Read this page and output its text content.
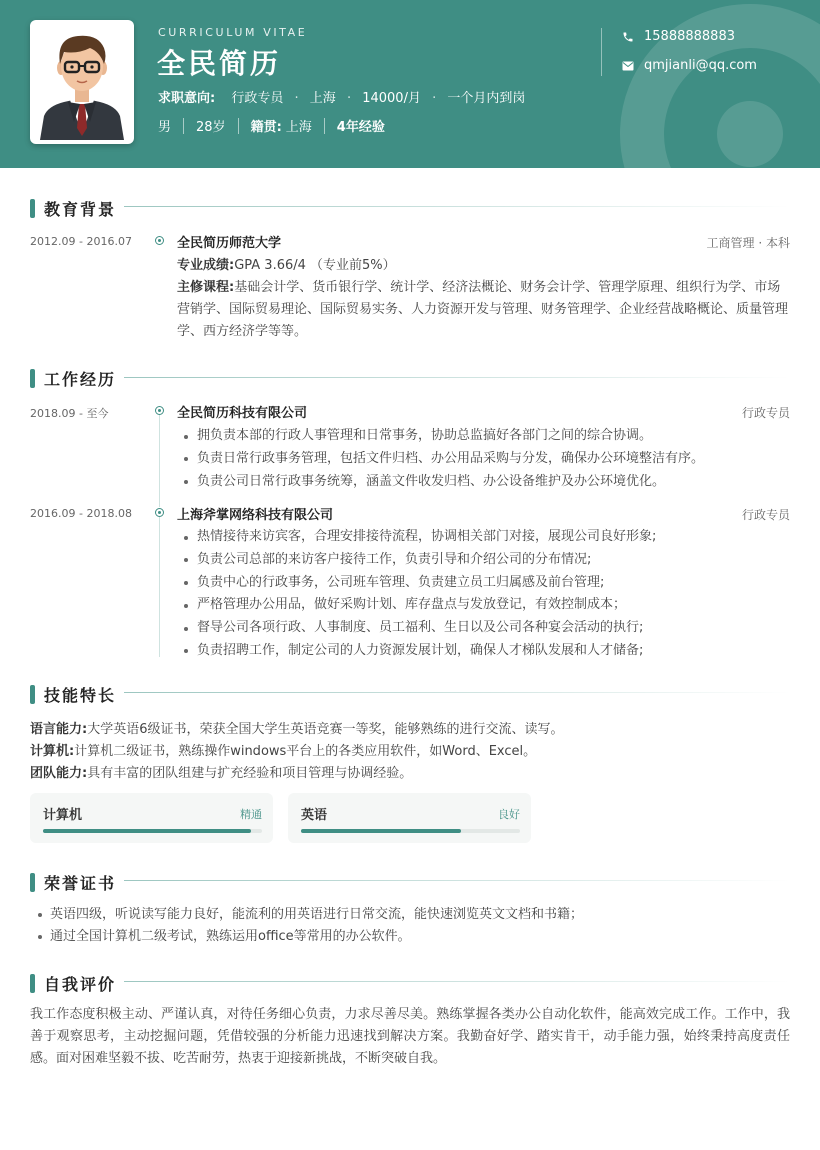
CURRICULUM VITAE
全民简历
求职意向: 行政专员 · 上海 · 14000/月 · 一个月内到岗
男 28岁 籍贯: 上海 4年经验
15888888883
qmjianli@qq.com
教育背景
2012.09 - 2016.07	全民简历师范大学	工商管理 · 本科
专业成绩:GPA 3.66/4 （专业前5%）
主修课程:基础会计学、货币银行学、统计学、经济法概论、财务会计学、管理学原理、组织行为学、市场营销学、国际贸易理论、国际贸易实务、人力资源开发与管理、财务管理学、企业经营战略概论、质量管理学、西方经济学等等。
工作经历
2018.09 - 至今	全民简历科技有限公司	行政专员
拥负责本部的行政人事管理和日常事务，协助总监搞好各部门之间的综合协调。
负责日常行政事务管理，包括文件归档、办公用品采购与分发，确保办公环境整洁有序。
负责公司日常行政事务统筹，涵盖文件收发归档、办公设备维护及办公环境优化。
2016.09 - 2018.08	上海斧掌网络科技有限公司	行政专员
热情接待来访宾客，合理安排接待流程，协调相关部门对接，展现公司良好形象;
负责公司总部的来访客户接待工作，负责引导和介绍公司的分布情况;
负责中心的行政事务，公司班车管理、负责建立员工归属感及前台管理;
严格管理办公用品，做好采购计划、库存盘点与发放登记，有效控制成本；
督导公司各项行政、人事制度、员工福利、生日以及公司各种宴会活动的执行;
负责招聘工作，制定公司的人力资源发展计划，确保人才梯队发展和人才储备;
技能特长
语言能力:大学英语6级证书，荣获全国大学生英语竞赛一等奖，能够熟练的进行交流、读写。
计算机:计算机二级证书，熟练操作windows平台上的各类应用软件，如Word、Excel。
团队能力:具有丰富的团队组建与扩充经验和项目管理与协调经验。
计算机	精通	英语	良好
荣誉证书
英语四级，听说读写能力良好，能流利的用英语进行日常交流，能快速浏览英文文档和书籍；
通过全国计算机二级考试，熟练运用office等常用的办公软件。
自我评价
我工作态度积极主动、严谨认真，对待任务细心负责，力求尽善尽美。熟练掌握各类办公自动化软件，能高效完成工作。工作中，我善于观察思考，主动挖掘问题，凭借较强的分析能力迅速找到解决方案。我勤奋好学、踏实肯干，动手能力强，始终秉持高度责任感。面对困难坚毅不拔、吃苦耐劳，热衷于迎接新挑战，不断突破自我。
